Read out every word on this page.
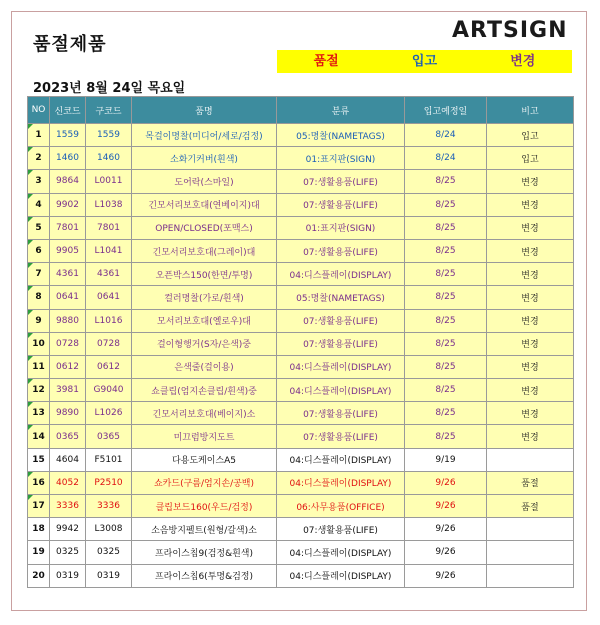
품절제품
ARTSIGN
품절	입고	변경
2023년 8월 24일 목요일
NO	신코드	구코드	품명	분류	입고예정일	비고
1	1559	1559	목걸이명찰(미디어/세로/검정)	05:명찰(NAMETAGS)	8/24	입고
2	1460	1460	소화기커버(흰색)	01:표지판(SIGN)	8/24	입고
3	9864	L0011	도어락(스마일)	07:생활용품(LIFE)	8/25	변경
4	9902	L1038	긴모서리보호대(연베이지)대	07:생활용품(LIFE)	8/25	변경
5	7801	7801	OPEN/CLOSED(포맥스)	01:표지판(SIGN)	8/25	변경
6	9905	L1041	긴모서리보호대(그레이)대	07:생활용품(LIFE)	8/25	변경
7	4361	4361	오픈박스150(한면/투명)	04:디스플레이(DISPLAY)	8/25	변경
8	0641	0641	컬러명찰(가로/흰색)	05:명찰(NAMETAGS)	8/25	변경
9	9880	L1016	모서리보호대(옐로우)대	07:생활용품(LIFE)	8/25	변경
10	0728	0728	걸이형행거(S자/은색)중	07:생활용품(LIFE)	8/25	변경
11	0612	0612	은색줄(걸이용)	04:디스플레이(DISPLAY)	8/25	변경
12	3981	G9040	쇼클립(엄지손클립/흰색)중	04:디스플레이(DISPLAY)	8/25	변경
13	9890	L1026	긴모서리보호대(베이지)소	07:생활용품(LIFE)	8/25	변경
14	0365	0365	미끄럼방지도트	07:생활용품(LIFE)	8/25	변경
15	4604	F5101	다용도케이스A5	04:디스플레이(DISPLAY)	9/19	
16	4052	P2510	쇼카드(구름/엄지손/공백)	04:디스플레이(DISPLAY)	9/26	품절
17	3336	3336	클립보드160(우드/검정)	06:사무용품(OFFICE)	9/26	품절
18	9942	L3008	소음방지펠트(원형/갈색)소	07:생활용품(LIFE)	9/26	
19	0325	0325	프라이스칩9(검정&흰색)	04:디스플레이(DISPLAY)	9/26	
20	0319	0319	프라이스칩6(투명&검정)	04:디스플레이(DISPLAY)	9/26	
